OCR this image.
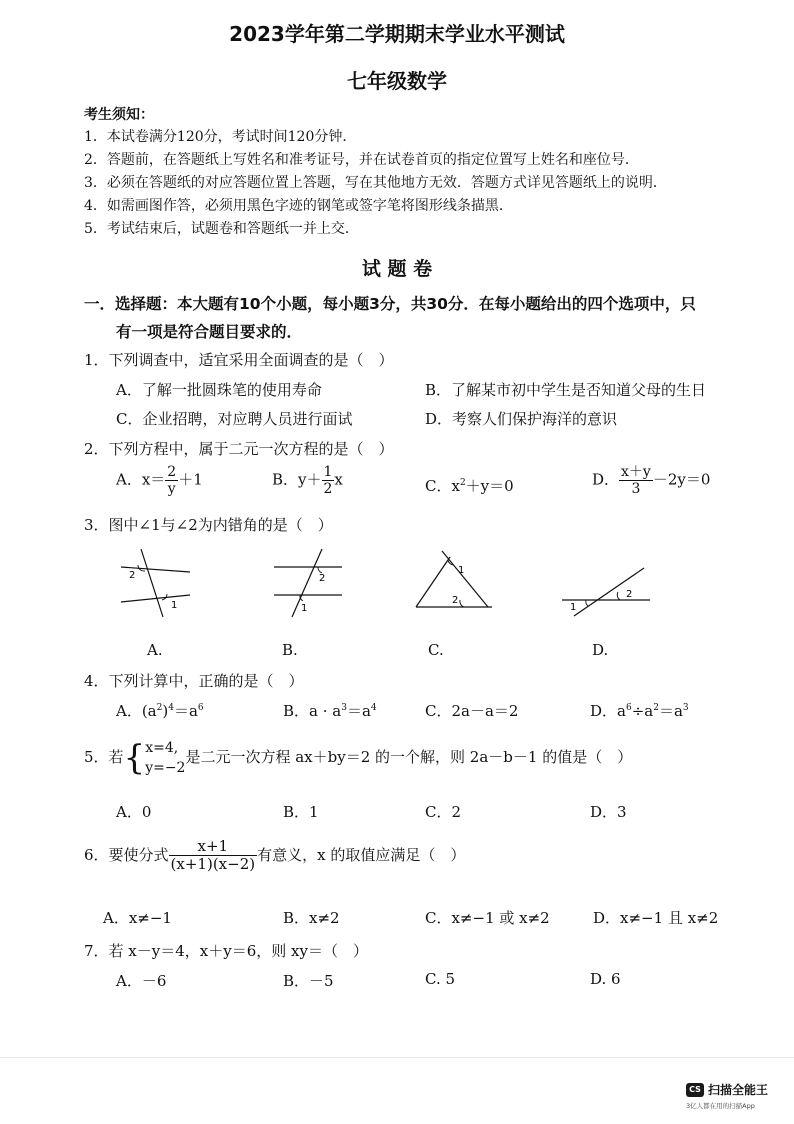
2023学年第二学期期末学业水平测试
七年级数学
考生须知：
1．本试卷满分120分，考试时间120分钟．
2．答题前，在答题纸上写姓名和准考证号，并在试卷首页的指定位置写上姓名和座位号．
3．必须在答题纸的对应答题位置上答题，写在其他地方无效．答题方式详见答题纸上的说明．
4．如需画图作答，必须用黑色字迹的钢笔或签字笔将图形线条描黑．
5．考试结束后，试题卷和答题纸一并上交．
试 题 卷
一．选择题：本大题有10个小题，每小题3分，共30分．在每小题给出的四个选项中，只
有一项是符合题目要求的．
1．下列调查中，适宜采用全面调查的是（　）
A．了解一批圆珠笔的使用寿命	B．了解某市初中学生是否知道父母的生日
C．企业招聘，对应聘人员进行面试	D．考察人们保护海洋的意识
2．下列方程中，属于二元一次方程的是（　）
A．$x= \frac{2}{y} +1$	B．$y+ \frac{1}{2}$ x	C．$x^2+y=0$	D． $\frac{x+y}{3} -2y=0$
3．图中∠1与∠2为内错角的是（　）
2
1
2
1
1
2
1
2
A.	B.	C.	D.
4．下列计算中，正确的是（　）
A．$(a^2)^4=a^6$	B．$a \cdot a^3=a^4$	C．2a－a＝2	D．$a^6\div a^2=a^3$
5．若{ x=4,
y=−2
是二元一次方程 ax＋by＝2 的一个解，则 2a－b－1 的值是（　）
A．0	B．1	C．2	D．3
6．要使分式 $\frac{x+1}{(x+1)(x-2)}$ 有意义，x 的取值应满足（　）
A．x≠−1	B．x≠2	C．x≠−1 或 x≠2	D．x≠−1 且 x≠2
7．若 x－y＝4，x＋y＝6，则 xy＝（　）
A．－6	B．－5	C. 5	D. 6
CS 扫描全能王
3亿人都在用的扫描App
